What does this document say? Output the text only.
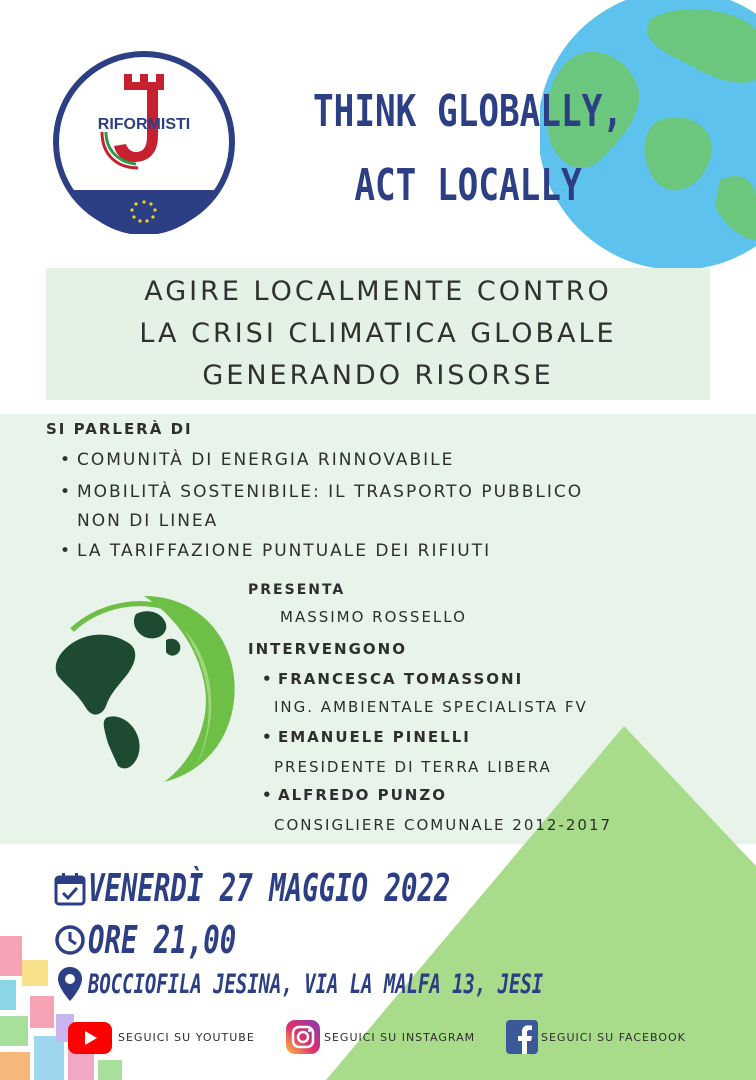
RIFORMISTI	THINK GLOBALLY,
ACT LOCALLY
AGIRE LOCALMENTE CONTRO
LA CRISI CLIMATICA GLOBALE
GENERANDO RISORSE
SI PARLERÀ DI
• COMUNITÀ DI ENERGIA RINNOVABILE
• MOBILITÀ SOSTENIBILE: IL TRASPORTO PUBBLICO
NON DI LINEA
• LA TARIFFAZIONE PUNTUALE DEI RIFIUTI
PRESENTA
MASSIMO ROSSELLO
INTERVENGONO
• FRANCESCA TOMASSONI
ING. AMBIENTALE SPECIALISTA FV
• EMANUELE PINELLI
PRESIDENTE DI TERRA LIBERA
• ALFREDO PUNZO
CONSIGLIERE COMUNALE 2012-2017
VENERDÌ 27 MAGGIO 2022
ORE 21,00
BOCCIOFILA JESINA, VIA LA MALFA 13, JESI
SEGUICI SU YOUTUBE	SEGUICI SU INSTAGRAM	SEGUICI SU FACEBOOK
